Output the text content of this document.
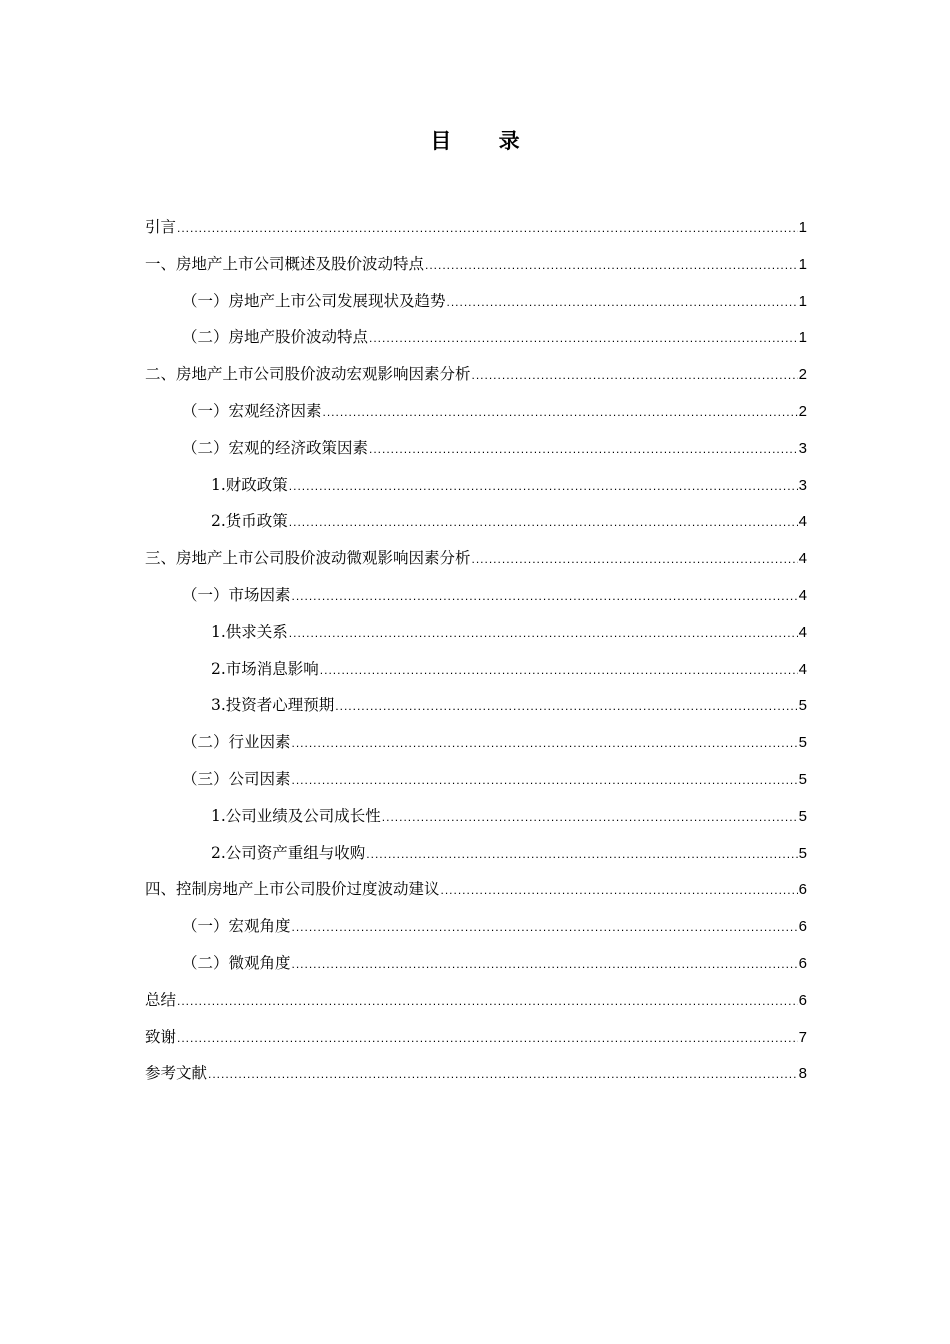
目 录
引言 .....	1
一、房地产上市公司概述及股价波动特点 .....	1
（一）房地产上市公司发展现状及趋势 .....	1
（二）房地产股价波动特点 .....	1
二、房地产上市公司股价波动宏观影响因素分析 .....	2
（一）宏观经济因素 .....	2
（二）宏观的经济政策因素 .....	3
1.财政政策 .....	3
2.货币政策 .....	4
三、房地产上市公司股价波动微观影响因素分析 .....	4
（一）市场因素 .....	4
1.供求关系 .....	4
2.市场消息影响 .....	4
3.投资者心理预期 .....	5
（二）行业因素 .....	5
（三）公司因素 .....	5
1.公司业绩及公司成长性 .....	5
2.公司资产重组与收购 .....	5
四、控制房地产上市公司股价过度波动建议 .....	6
（一）宏观角度 .....	6
（二）微观角度 .....	6
总结 .....	6
致谢 .....	7
参考文献 .....	8
